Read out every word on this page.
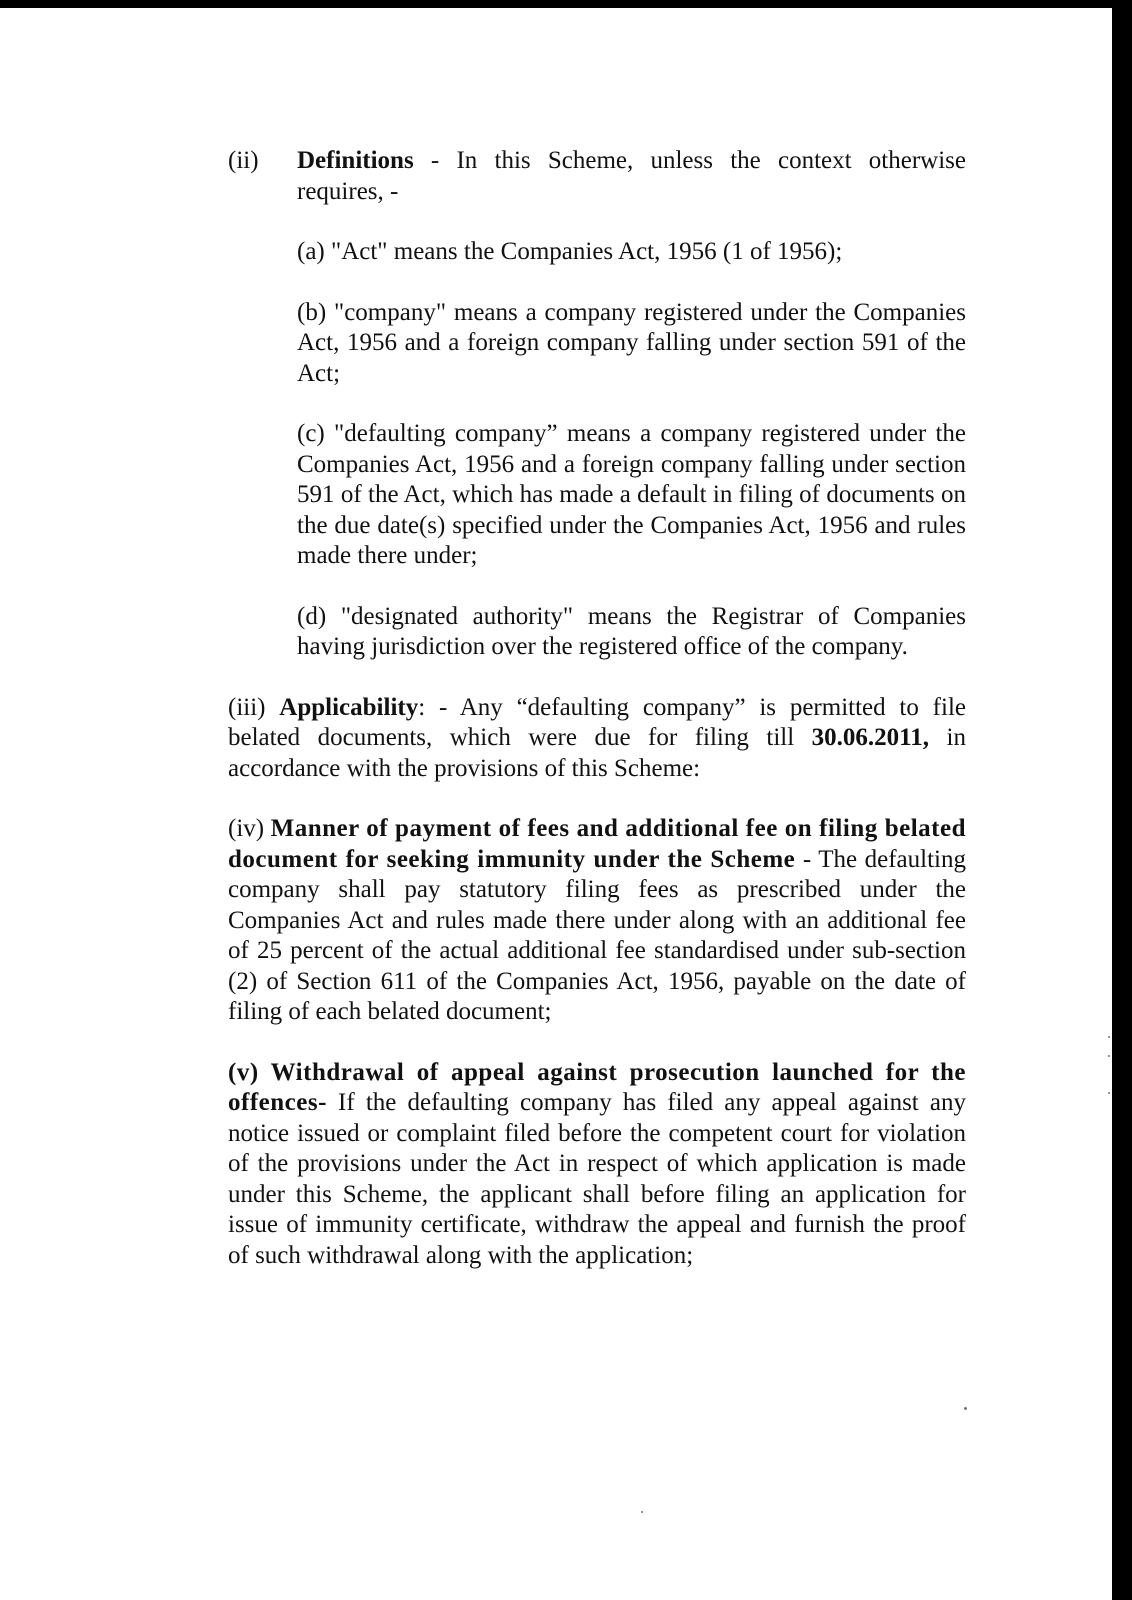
(ii)	Definitions - In this Scheme, unless the context otherwise requires, -

(a) "Act" means the Companies Act, 1956 (1 of 1956);

(b) "company" means a company registered under the Companies Act, 1956 and a foreign company falling under section 591 of the Act;

(c) "defaulting company” means a company registered under the Companies Act, 1956 and a foreign company falling under section 591 of the Act, which has made a default in filing of documents on the due date(s) specified under the Companies Act, 1956 and rules made there under;

(d) "designated authority" means the Registrar of Companies having jurisdiction over the registered office of the company.

(iii) Applicability: - Any “defaulting company” is permitted to file belated documents, which were due for filing till 30.06.2011, in accordance with the provisions of this Scheme:

(iv) Manner of payment of fees and additional fee on filing belated document for seeking immunity under the Scheme - The defaulting company shall pay statutory filing fees as prescribed under the Companies Act and rules made there under along with an additional fee of 25 percent of the actual additional fee standardised under sub-section (2) of Section 611 of the Companies Act, 1956, payable on the date of filing of each belated document;

(v) Withdrawal of appeal against prosecution launched for the offences- If the defaulting company has filed any appeal against any notice issued or complaint filed before the competent court for violation of the provisions under the Act in respect of which application is made under this Scheme, the applicant shall before filing an application for issue of immunity certificate, withdraw the appeal and furnish the proof of such withdrawal along with the application;
